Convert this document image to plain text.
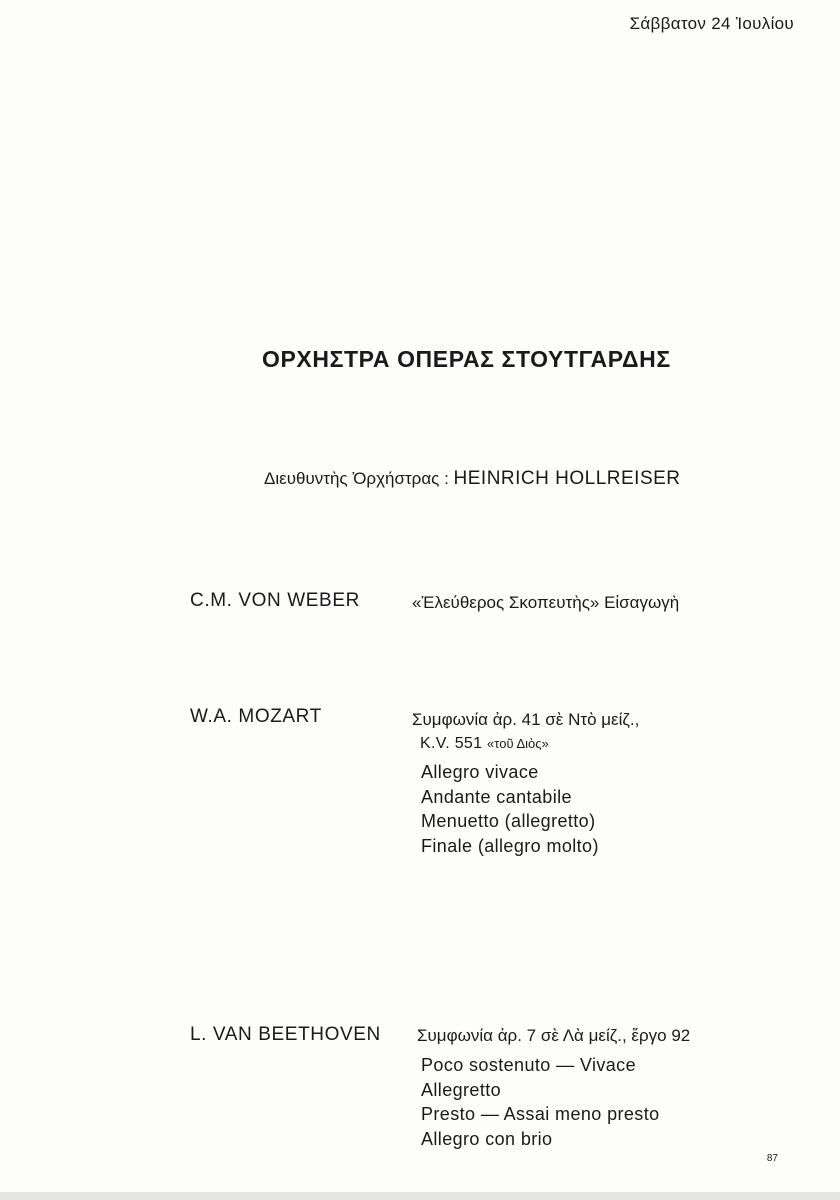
Σάββατον 24 Ἰουλίου
ΟΡΧΗΣΤΡΑ ΟΠΕΡΑΣ ΣΤΟΥΤΓΑΡΔΗΣ
Διευθυντὴς Ὀρχήστρας : HEINRICH HOLLREISER
C.M. VON WEBER	«Ἐλεύθερος Σκοπευτὴς» Εἰσαγωγὴ
W.A. MOZART	Συμφωνία ἀρ. 41 σὲ Ντὸ μείζ.,
K.V. 551 «τοῦ Διὸς»
Allegro vivace
Andante cantabile
Menuetto (allegretto)
Finale (allegro molto)
L. VAN BEETHOVEN Συμφωνία ἀρ. 7 σὲ Λὰ μείζ., ἔργο 92
Poco sostenuto — Vivace
Allegretto
Presto — Assai meno presto
Allegro con brio
87
